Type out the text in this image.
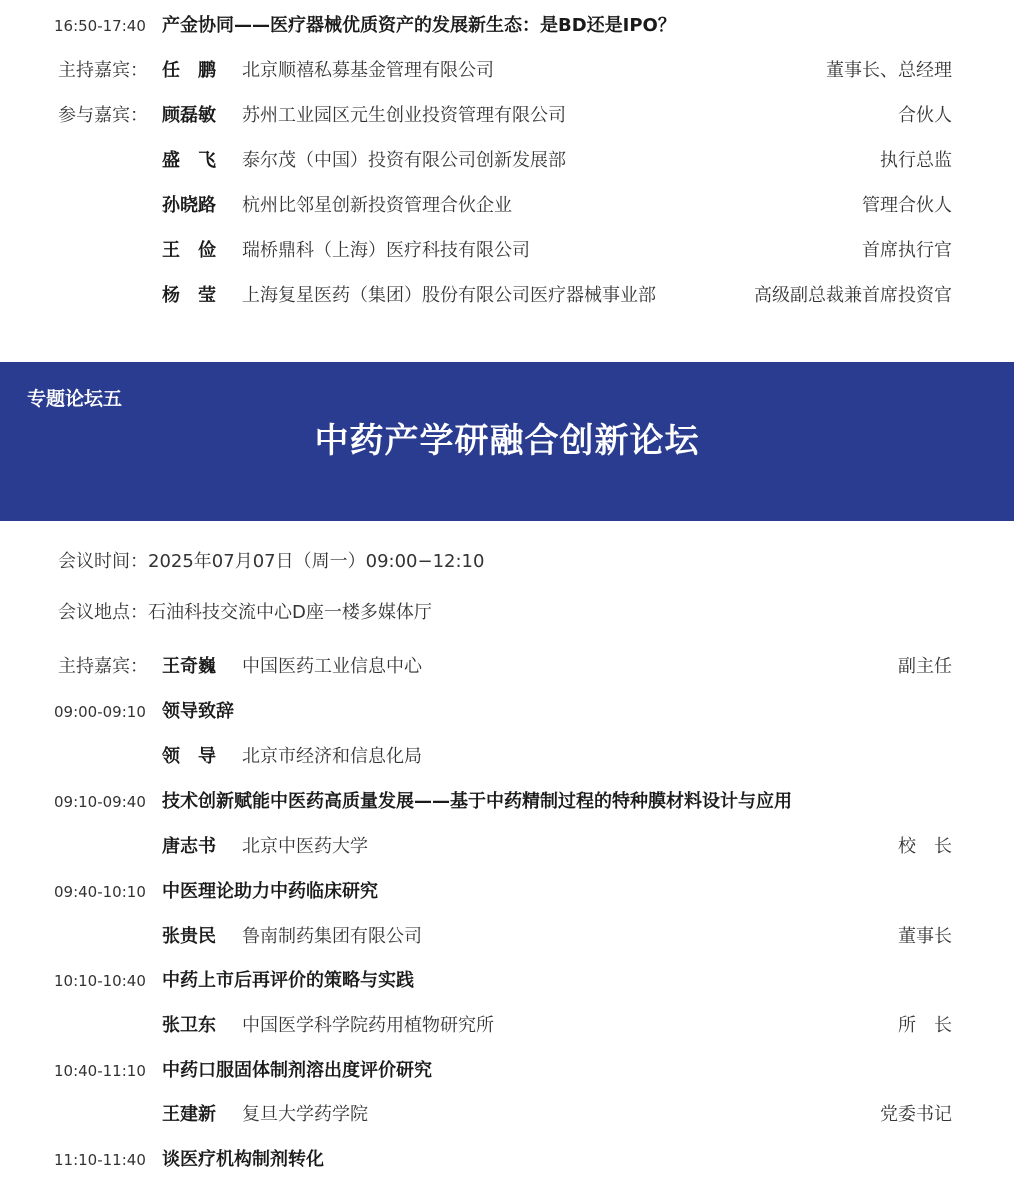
16:50-17:40 产金协同——医疗器械优质资产的发展新生态：是BD还是IPO？
主持嘉宾： 任　鹏	北京顺禧私募基金管理有限公司	董事长、总经理
参与嘉宾： 顾磊敏	苏州工业园区元生创业投资管理有限公司	合伙人
盛　飞	泰尔茂（中国）投资有限公司创新发展部	执行总监
孙晓路	杭州比邻星创新投资管理合伙企业	管理合伙人
王　俭	瑞桥鼎科（上海）医疗科技有限公司	首席执行官
杨　莹	上海复星医药（集团）股份有限公司医疗器械事业部	高级副总裁兼首席投资官
专题论坛五
中药产学研融合创新论坛
会议时间：2025年07月07日（周一）09:00−12:10
会议地点：石油科技交流中心D座一楼多媒体厅
主持嘉宾： 王奇巍	中国医药工业信息中心	副主任
09:00-09:10 领导致辞
领　导	北京市经济和信息化局
09:10-09:40 技术创新赋能中医药高质量发展——基于中药精制过程的特种膜材料设计与应用
唐志书	北京中医药大学	校　长
09:40-10:10 中医理论助力中药临床研究
张贵民	鲁南制药集团有限公司	董事长
10:10-10:40 中药上市后再评价的策略与实践
张卫东	中国医学科学院药用植物研究所	所　长
10:40-11:10 中药口服固体制剂溶出度评价研究
王建新	复旦大学药学院	党委书记
11:10-11:40 谈医疗机构制剂转化
